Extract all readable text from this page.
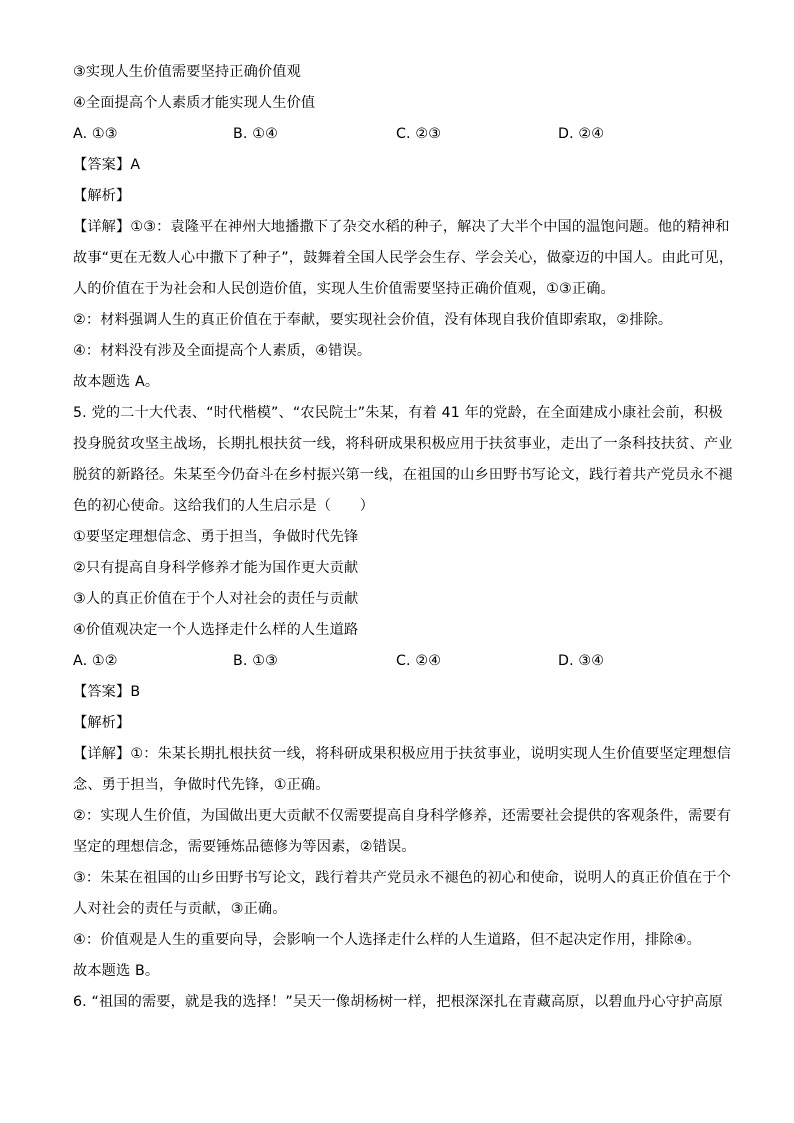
③实现人生价值需要坚持正确价值观
④全面提高个人素质才能实现人生价值
A. ①③	B. ①④	C. ②③	D. ②④
【答案】A
【解析】
【详解】①③：袁隆平在神州大地播撒下了杂交水稻的种子，解决了大半个中国的温饱问题。他的精神和
故事“更在无数人心中撒下了种子”，鼓舞着全国人民学会生存、学会关心，做豪迈的中国人。由此可见，
人的价值在于为社会和人民创造价值，实现人生价值需要坚持正确价值观，①③正确。
②：材料强调人生的真正价值在于奉献，要实现社会价值，没有体现自我价值即索取，②排除。
④：材料没有涉及全面提高个人素质，④错误。
故本题选 A。
5. 党的二十大代表、“时代楷模”、“农民院士”朱某，有着 41 年的党龄，在全面建成小康社会前，积极
投身脱贫攻坚主战场，长期扎根扶贫一线，将科研成果积极应用于扶贫事业，走出了一条科技扶贫、产业
脱贫的新路径。朱某至今仍奋斗在乡村振兴第一线，在祖国的山乡田野书写论文，践行着共产党员永不褪
色的初心使命。这给我们的人生启示是（　　）
①要坚定理想信念、勇于担当，争做时代先锋
②只有提高自身科学修养才能为国作更大贡献
③人的真正价值在于个人对社会的责任与贡献
④价值观决定一个人选择走什么样的人生道路
A. ①②	B. ①③	C. ②④	D. ③④
【答案】B
【解析】
【详解】①：朱某长期扎根扶贫一线，将科研成果积极应用于扶贫事业，说明实现人生价值要坚定理想信
念、勇于担当，争做时代先锋，①正确。
②：实现人生价值，为国做出更大贡献不仅需要提高自身科学修养，还需要社会提供的客观条件，需要有
坚定的理想信念，需要锤炼品德修为等因素，②错误。
③：朱某在祖国的山乡田野书写论文，践行着共产党员永不褪色的初心和使命，说明人的真正价值在于个
人对社会的责任与贡献，③正确。
④：价值观是人生的重要向导，会影响一个人选择走什么样的人生道路，但不起决定作用，排除④。
故本题选 B。
6. “祖国的需要，就是我的选择！”吴天一像胡杨树一样，把根深深扎在青藏高原，以碧血丹心守护高原
